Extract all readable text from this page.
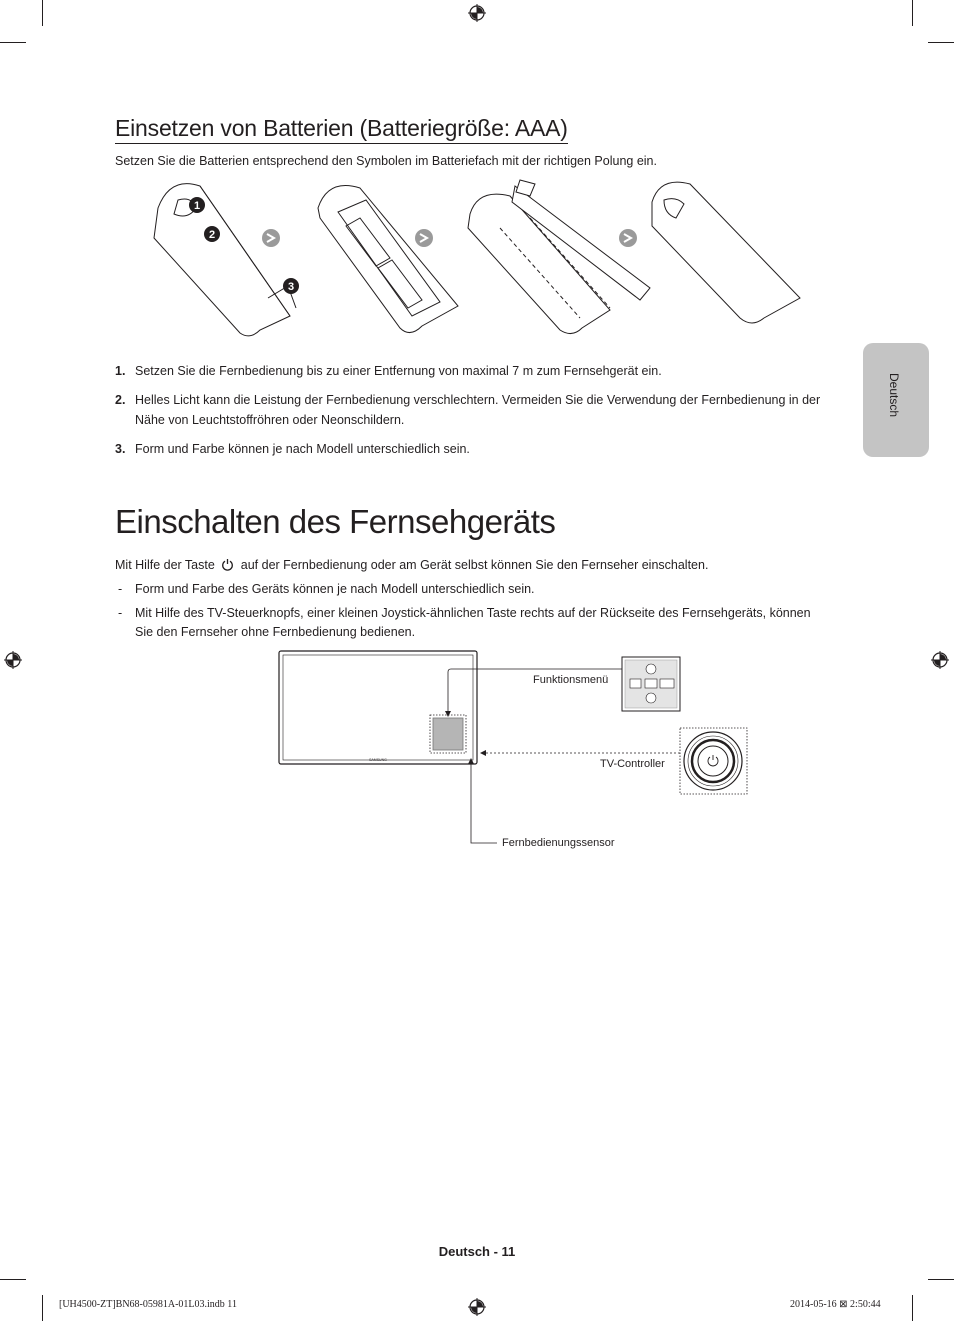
Einsetzen von Batterien (Batteriegröße: AAA)
Setzen Sie die Batterien entsprechend den Symbolen im Batteriefach mit der richtigen Polung ein.
1
2
3
1. Setzen Sie die Fernbedienung bis zu einer Entfernung von maximal 7 m zum Fernsehgerät ein.
2. Helles Licht kann die Leistung der Fernbedienung verschlechtern. Vermeiden Sie die Verwendung der Fernbedienung in der Nähe von Leuchtstoffröhren oder Neonschildern.
3. Form und Farbe können je nach Modell unterschiedlich sein.
Einschalten des Fernsehgeräts
Mit Hilfe der Taste auf der Fernbedienung oder am Gerät selbst können Sie den Fernseher einschalten.
-	Form und Farbe des Geräts können je nach Modell unterschiedlich sein.
-	Mit Hilfe des TV-Steuerknopfs, einer kleinen Joystick-ähnlichen Taste rechts auf der Rückseite des Fernsehgeräts, können Sie den Fernseher ohne Fernbedienung bedienen.
SAMSUNG
Funktionsmenü
TV-Controller
Fernbedienungssensor
Deutsch
Deutsch - 11
[UH4500-ZT]BN68-05981A-01L03.indb 11	2014-05-16 ⊠ 2:50:44
